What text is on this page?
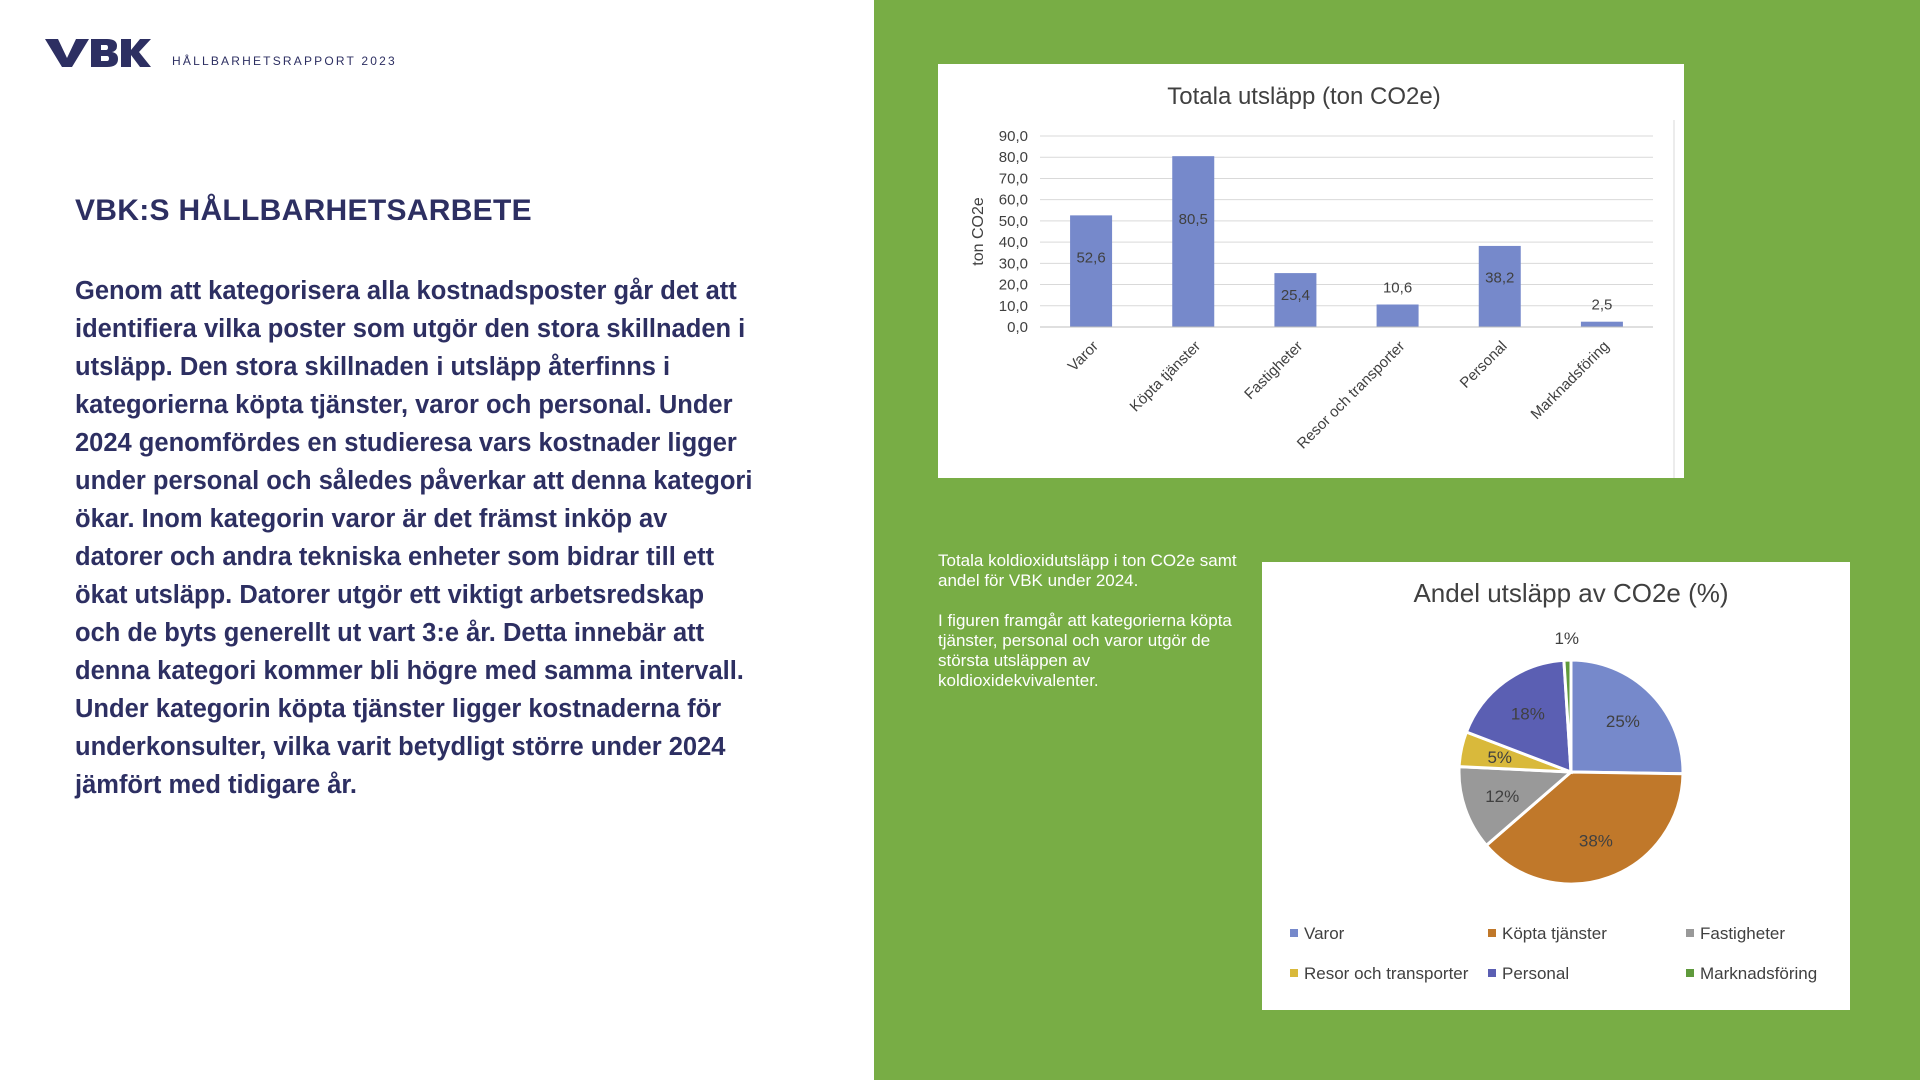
HÅLLBARHETSRAPPORT 2023
VBK:S HÅLLBARHETSARBETE
Genom att kategorisera alla kostnadsposter går det att identifiera vilka poster som utgör den stora skillnaden i utsläpp. Den stora skillnaden i utsläpp återfinns i kategorierna köpta tjänster, varor och personal. Under 2024 genomfördes en studieresa vars kostnader ligger under personal och således påverkar att denna kategori ökar. Inom kategorin varor är det främst inköp av datorer och andra tekniska enheter som bidrar till ett ökat utsläpp. Datorer utgör ett viktigt arbetsredskap och de byts generellt ut vart 3:e år. Detta innebär att denna kategori kommer bli högre med samma intervall. Under kategorin köpta tjänster ligger kostnaderna för underkonsulter, vilka varit betydligt större under 2024 jämfört med tidigare år.
Totala utsläpp (ton CO2e)
0,0
10,0
20,0
30,0
40,0
50,0
60,0
70,0
80,0
90,0
ton CO2e	52,6
Varor
80,5
Köpta tjänster
25,4
Fastigheter
10,6
Resor och transporter
38,2
Personal
2,5
Marknadsföring

Totala koldioxidutsläpp i ton CO2e samt andel för VBK under 2024.

I figuren framgår att kategorierna köpta tjänster, personal och varor utgör de största utsläppen av koldioxidekvivalenter.

Andel utsläpp av CO2e (%)
25%
38%
12%
5%
18%
1%
Varor	Köpta tjänster	Fastigheter
Resor och transporter Personal	Marknadsföring
